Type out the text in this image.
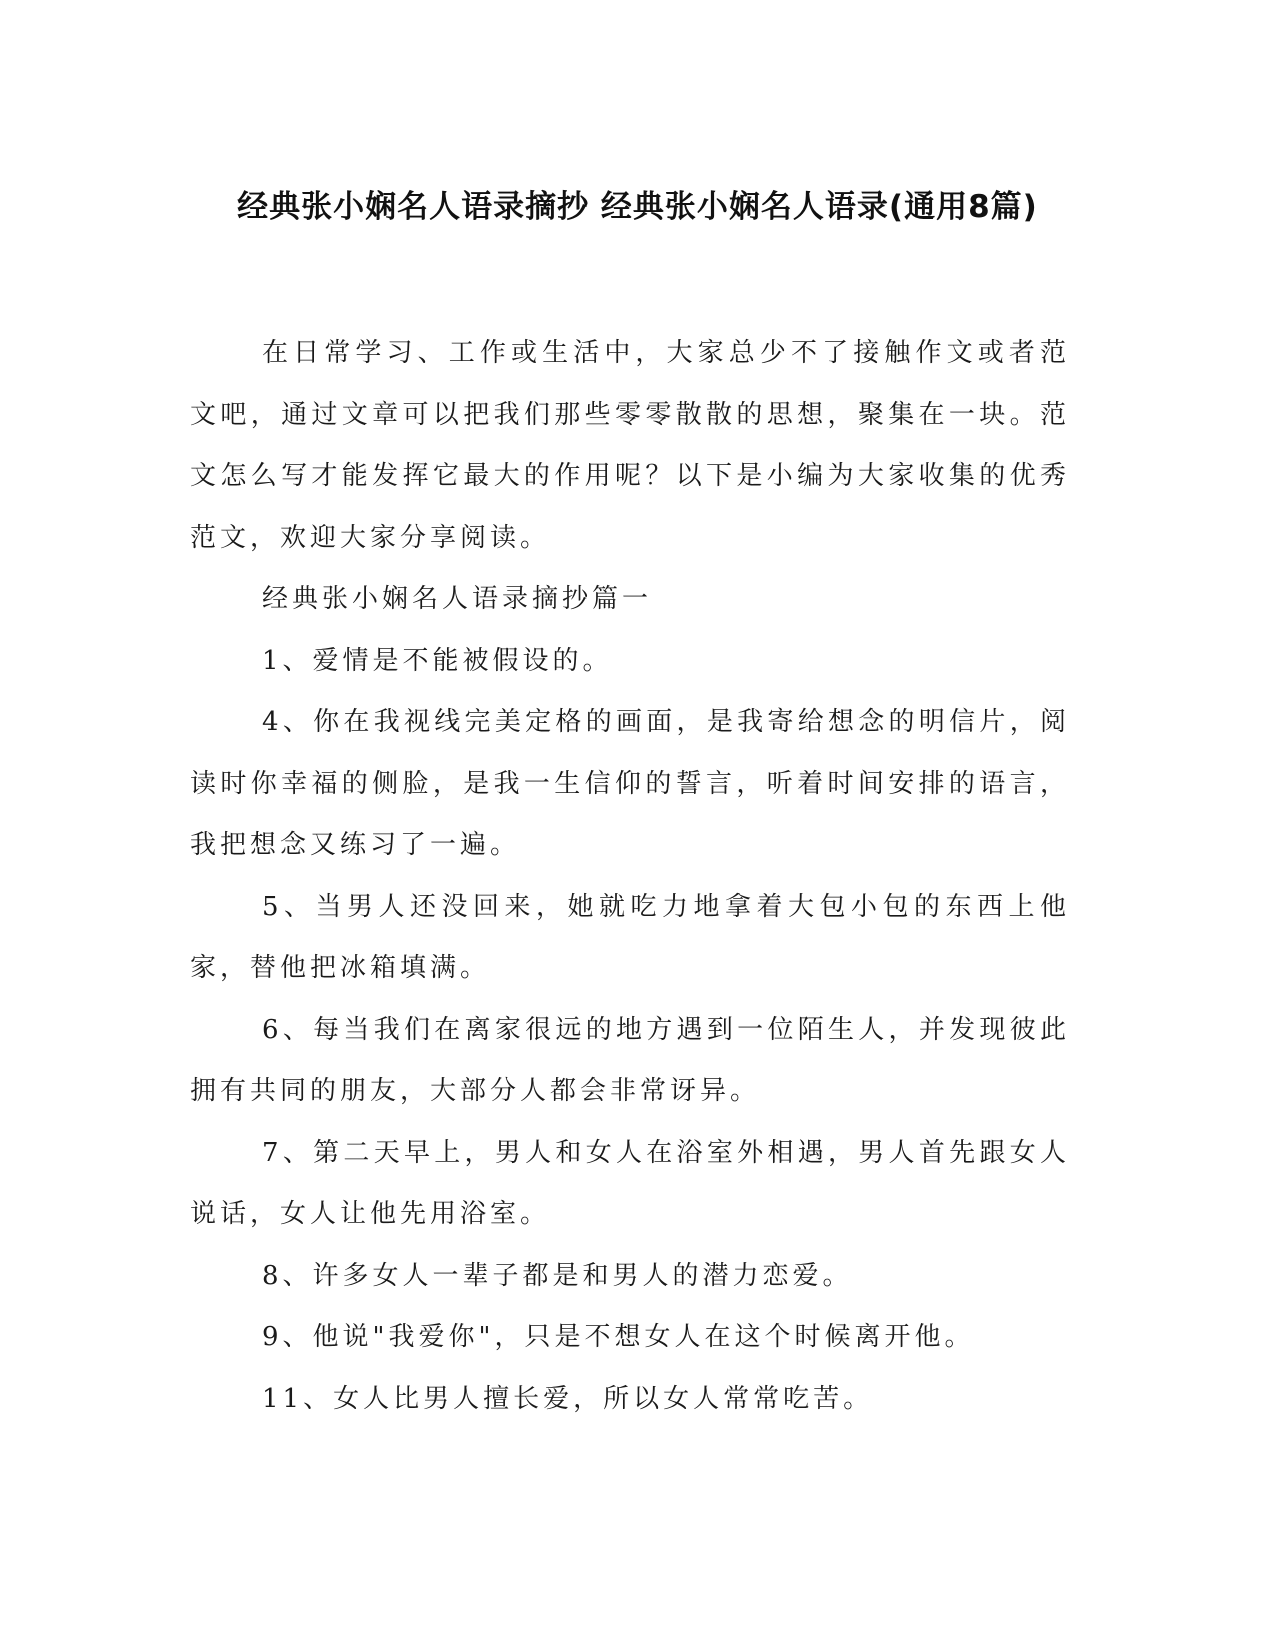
经典张小娴名人语录摘抄 经典张小娴名人语录(通用8篇)

在日常学习、工作或生活中，大家总少不了接触作文或者范文吧，通过文章可以把我们那些零零散散的思想，聚集在一块。范文怎么写才能发挥它最大的作用呢？以下是小编为大家收集的优秀范文，欢迎大家分享阅读。

经典张小娴名人语录摘抄篇一

1、爱情是不能被假设的。

4、你在我视线完美定格的画面，是我寄给想念的明信片，阅读时你幸福的侧脸，是我一生信仰的誓言，听着时间安排的语言，我把想念又练习了一遍。

5、当男人还没回来，她就吃力地拿着大包小包的东西上他家，替他把冰箱填满。

6、每当我们在离家很远的地方遇到一位陌生人，并发现彼此拥有共同的朋友，大部分人都会非常讶异。

7、第二天早上，男人和女人在浴室外相遇，男人首先跟女人说话，女人让他先用浴室。

8、许多女人一辈子都是和男人的潜力恋爱。

9、他说"我爱你"，只是不想女人在这个时候离开他。

11、女人比男人擅长爱，所以女人常常吃苦。
